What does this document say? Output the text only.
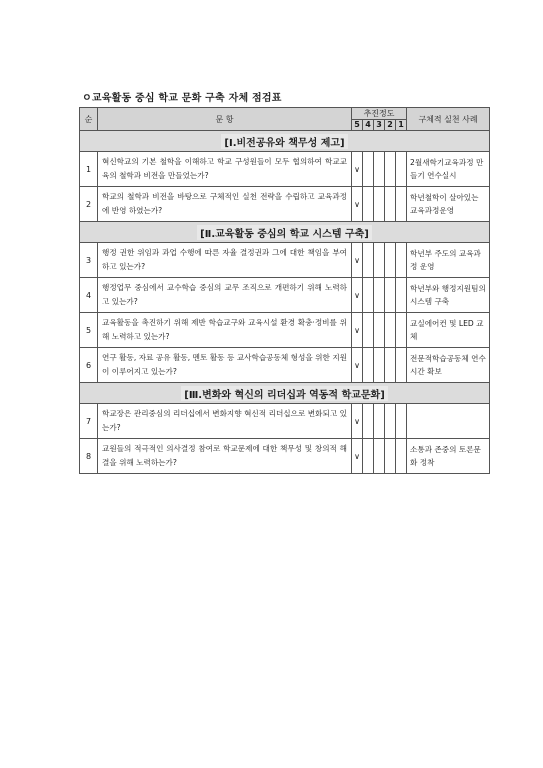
ㅇ교육활동 중심 학교 문화 구축 자체 점검표
순	문 항	추진정도					구체적 실천 사례
		5	4	3	2	1	
[Ⅰ.비전공유와 책무성 제고]							
1	혁신학교의 기본 철학을 이해하고 학교 구성원들이 모두 협의하여 학교교육의 철학과 비전을 만들었는가?	∨					2월새학기교육과정 만들기 연수실시
2	학교의 철학과 비전을 바탕으로 구체적인 실천 전략을 수립하고 교육과정에 반영 하였는가?	∨					학년철학이 살아있는 교육과정운영
[Ⅱ.교육활동 중심의 학교 시스템 구축]							
3	행정 권한 위임과 과업 수행에 따른 자율 결정권과 그에 대한 책임을 부여하고 있는가?	∨					학년부 주도의 교육과정 운영
4	행정업무 중심에서 교수학습 중심의 교무 조직으로 개편하기 위해 노력하고 있는가?	∨					학년부와 행정지원팀의 시스템 구축
5	교육활동을 촉진하기 위해 제반 학습교구와 교육시설 환경 확충·정비를 위해 노력하고 있는가?	∨					교실에어컨 및 LED 교체
6	연구 활동, 자료 공유 활동, 멘토 활동 등 교사학습공동체 형성을 위한 지원이 이루어지고 있는가?	∨					전문적학습공동체 연수시간 확보
[Ⅲ.변화와 혁신의 리더십과 역동적 학교문화]							
7	학교장은 관리중심의 리더십에서 변화지향 혁신적 리더십으로 변화되고 있는가?	∨					
8	교원들의 적극적인 의사결정 참여로 학교문제에 대한 책무성 및 창의적 해결을 위해 노력하는가?	∨					소통과 존중의 토론문화 정착
